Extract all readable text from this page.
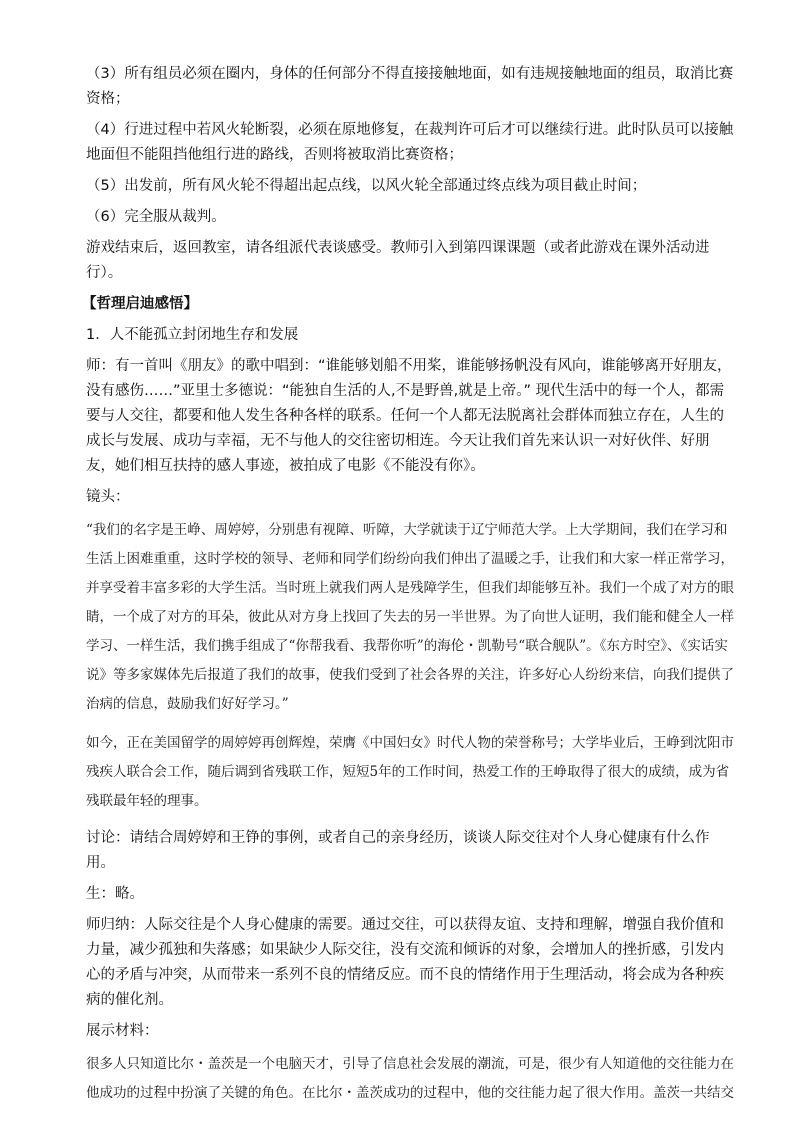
（3）所有组员必须在圈内，身体的任何部分不得直接接触地面，如有违规接触地面的组员，取消比赛资格；

（4）行进过程中若风火轮断裂，必须在原地修复，在裁判许可后才可以继续行进。此时队员可以接触地面但不能阻挡他组行进的路线，否则将被取消比赛资格；

（5）出发前，所有风火轮不得超出起点线，以风火轮全部通过终点线为项目截止时间；

（6）完全服从裁判。

游戏结束后，返回教室，请各组派代表谈感受。教师引入到第四课课题（或者此游戏在课外活动进行）。

【哲理启迪感悟】

1．人不能孤立封闭地生存和发展

师：有一首叫《朋友》的歌中唱到：“谁能够划船不用桨，谁能够扬帆没有风向，谁能够离开好朋友，没有感伤……”亚里士多德说：“能独自生活的人,不是野兽,就是上帝。” 现代生活中的每一个人，都需要与人交往，都要和他人发生各种各样的联系。任何一个人都无法脱离社会群体而独立存在，人生的成长与发展、成功与幸福，无不与他人的交往密切相连。今天让我们首先来认识一对好伙伴、好朋友，她们相互扶持的感人事迹，被拍成了电影《不能没有你》。

镜头：

“我们的名字是王峥、周婷婷，分别患有视障、听障，大学就读于辽宁师范大学。上大学期间，我们在学习和生活上困难重重，这时学校的领导、老师和同学们纷纷向我们伸出了温暖之手，让我们和大家一样正常学习，并享受着丰富多彩的大学生活。当时班上就我们两人是残障学生，但我们却能够互补。我们一个成了对方的眼睛，一个成了对方的耳朵，彼此从对方身上找回了失去的另一半世界。为了向世人证明，我们能和健全人一样学习、一样生活，我们携手组成了“你帮我看、我帮你听”的海伦・凯勒号“联合舰队”。《东方时空》、《实话实说》等多家媒体先后报道了我们的故事，使我们受到了社会各界的关注，许多好心人纷纷来信，向我们提供了治病的信息，鼓励我们好好学习。”

如今，正在美国留学的周婷婷再创辉煌，荣膺《中国妇女》时代人物的荣誉称号；大学毕业后，王峥到沈阳市残疾人联合会工作，随后调到省残联工作，短短5年的工作时间，热爱工作的王峥取得了很大的成绩，成为省残联最年轻的理事。

讨论：请结合周婷婷和王铮的事例，或者自己的亲身经历，谈谈人际交往对个人身心健康有什么作用。

生：略。

师归纳：人际交往是个人身心健康的需要。通过交往，可以获得友谊、支持和理解，增强自我价值和力量，减少孤独和失落感；如果缺少人际交往，没有交流和倾诉的对象，会增加人的挫折感，引发内心的矛盾与冲突，从而带来一系列不良的情绪反应。而不良的情绪作用于生理活动，将会成为各种疾病的催化剂。

展示材料：

很多人只知道比尔・盖茨是一个电脑天才，引导了信息社会发展的潮流，可是，很少有人知道他的交往能力在他成功的过程中扮演了关键的角色。在比尔・盖茨成功的过程中，他的交往能力起了很大作用。盖茨一共结交
